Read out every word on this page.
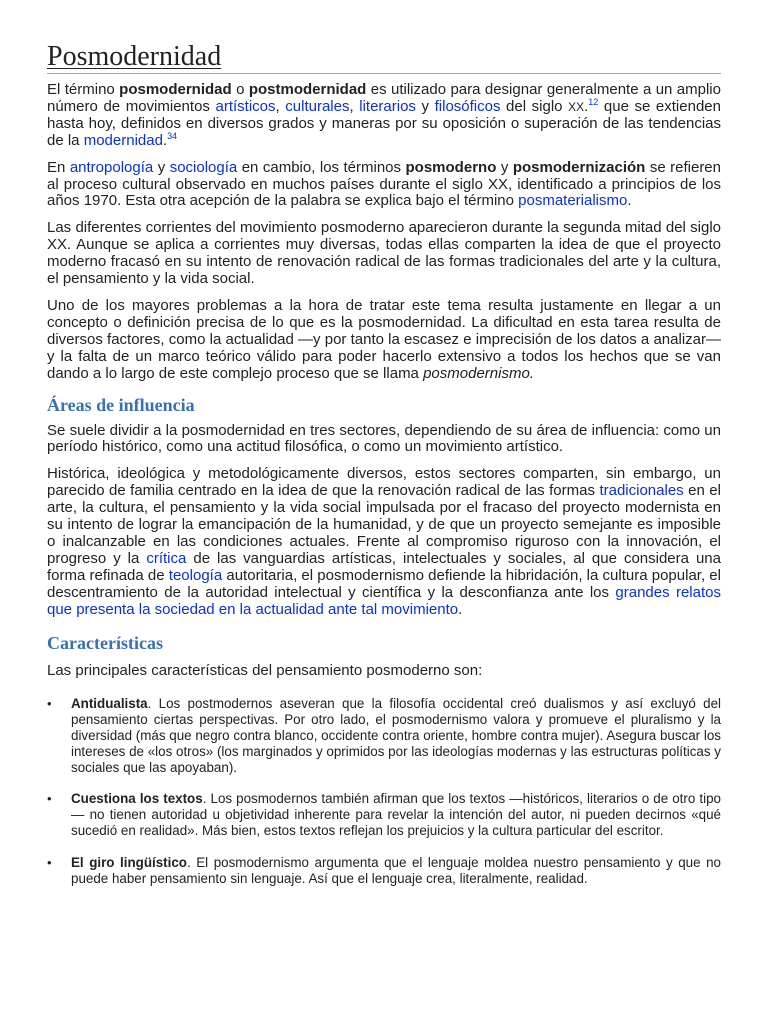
Posmodernidad

El término posmodernidad o postmodernidad es utilizado para designar generalmente a un amplio número de movimientos artísticos, culturales, literarios y filosóficos del siglo XX.$^{12}$ que se extienden hasta hoy, definidos en diversos grados y maneras por su oposición o superación de las tendencias de la modernidad.$^{34}$

En antropología y sociología en cambio, los términos posmoderno y posmodernización se refieren al proceso cultural observado en muchos países durante el siglo XX, identificado a principios de los años 1970. Esta otra acepción de la palabra se explica bajo el término posmaterialismo.

Las diferentes corrientes del movimiento posmoderno aparecieron durante la segunda mitad del siglo XX. Aunque se aplica a corrientes muy diversas, todas ellas comparten la idea de que el proyecto moderno fracasó en su intento de renovación radical de las formas tradicionales del arte y la cultura, el pensamiento y la vida social.

Uno de los mayores problemas a la hora de tratar este tema resulta justamente en llegar a un concepto o definición precisa de lo que es la posmodernidad. La dificultad en esta tarea resulta de diversos factores, como la actualidad —y por tanto la escasez e imprecisión de los datos a analizar— y la falta de un marco teórico válido para poder hacerlo extensivo a todos los hechos que se van dando a lo largo de este complejo proceso que se llama posmodernismo.

Áreas de influencia

Se suele dividir a la posmodernidad en tres sectores, dependiendo de su área de influencia: como un período histórico, como una actitud filosófica, o como un movimiento artístico.

Histórica, ideológica y metodológicamente diversos, estos sectores comparten, sin embargo, un parecido de familia centrado en la idea de que la renovación radical de las formas tradicionales en el arte, la cultura, el pensamiento y la vida social impulsada por el fracaso del proyecto modernista en su intento de lograr la emancipación de la humanidad, y de que un proyecto semejante es imposible o inalcanzable en las condiciones actuales. Frente al compromiso riguroso con la innovación, el progreso y la crítica de las vanguardias artísticas, intelectuales y sociales, al que considera una forma refinada de teología autoritaria, el posmodernismo defiende la hibridación, la cultura popular, el descentramiento de la autoridad intelectual y científica y la desconfianza ante los grandes relatos que presenta la sociedad en la actualidad ante tal movimiento.

Características

Las principales características del pensamiento posmoderno son:

• Antidualista. Los postmodernos aseveran que la filosofía occidental creó dualismos y así excluyó del pensamiento ciertas perspectivas. Por otro lado, el posmodernismo valora y promueve el pluralismo y la diversidad (más que negro contra blanco, occidente contra oriente, hombre contra mujer). Asegura buscar los intereses de «los otros» (los marginados y oprimidos por las ideologías modernas y las estructuras políticas y sociales que las apoyaban).
• Cuestiona los textos. Los posmodernos también afirman que los textos —históricos, literarios o de otro tipo— no tienen autoridad u objetividad inherente para revelar la intención del autor, ni pueden decirnos «qué sucedió en realidad». Más bien, estos textos reflejan los prejuicios y la cultura particular del escritor.
• El giro lingüístico. El posmodernismo argumenta que el lenguaje moldea nuestro pensamiento y que no puede haber pensamiento sin lenguaje. Así que el lenguaje crea, literalmente, realidad.
